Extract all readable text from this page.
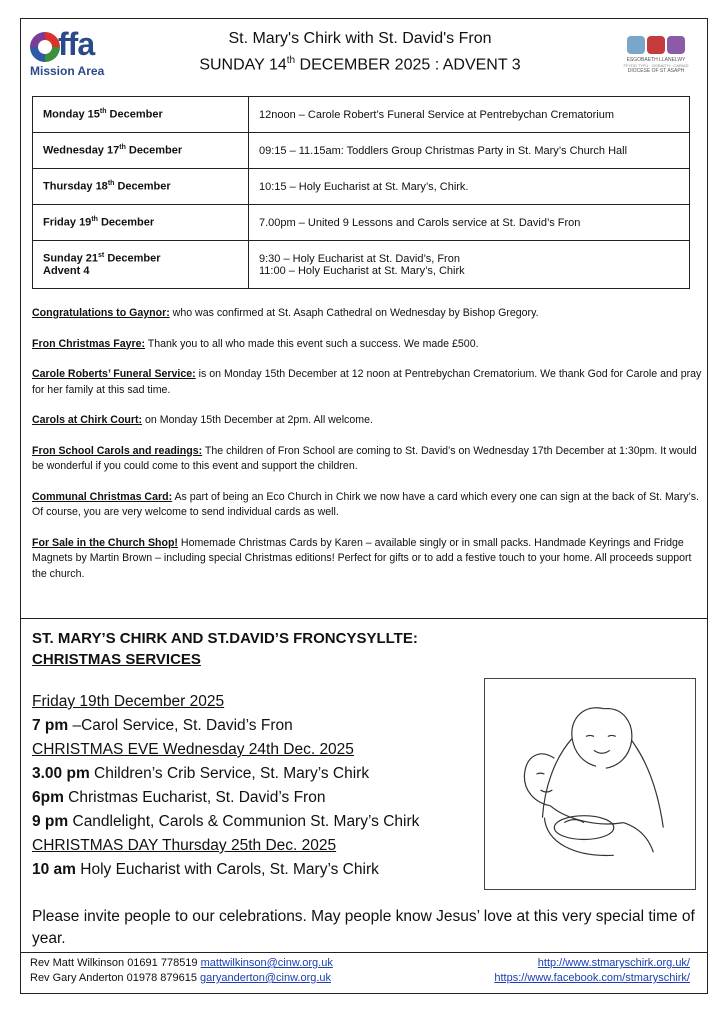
ffa
Mission Area
St. Mary's Chirk with St. David's Fron
SUNDAY 14th DECEMBER 2025 : ADVENT 3	ESGOBAETH LLANELWY
FFYDD TYFU · GOBAITH · CARIAD
DIOCESE OF ST ASAPH
Monday 15th December	12noon – Carole Robert’s Funeral Service at Pentrebychan Crematorium
Wednesday 17th December	09:15 – 11.15am: Toddlers Group Christmas Party in St. Mary’s Church Hall
Thursday 18th December	10:15 – Holy Eucharist at St. Mary’s, Chirk.
Friday 19th December	7.00pm – United 9 Lessons and Carols service at St. David’s Fron
Sunday 21st December
Advent 4	9:30 – Holy Eucharist at St. David’s, Fron
11:00 – Holy Eucharist at St. Mary’s, Chirk
Congratulations to Gaynor: who was confirmed at St. Asaph Cathedral on Wednesday by Bishop Gregory.
Fron Christmas Fayre: Thank you to all who made this event such a success. We made £500.
Carole Roberts’ Funeral Service: is on Monday 15th December at 12 noon at Pentrebychan Crematorium. We thank God for Carole and pray for her family at this sad time.
Carols at Chirk Court: on Monday 15th December at 2pm. All welcome.
Fron School Carols and readings: The children of Fron School are coming to St. David’s on Wednesday 17th December at 1:30pm. It would be wonderful if you could come to this event and support the children.
Communal Christmas Card: As part of being an Eco Church in Chirk we now have a card which every one can sign at the back of St. Mary’s. Of course, you are very welcome to send individual cards as well.
For Sale in the Church Shop! Homemade Christmas Cards by Karen – available singly or in small packs. Handmade Keyrings and Fridge Magnets by Martin Brown – including special Christmas editions! Perfect for gifts or to add a festive touch to your home. All proceeds support the church.
ST. MARY’S CHIRK AND ST.DAVID’S FRONCYSYLLTE:
CHRISTMAS SERVICES
Friday 19th December 2025
7 pm –Carol Service, St. David’s Fron
CHRISTMAS EVE Wednesday 24th Dec. 2025
3.00 pm Children’s Crib Service, St. Mary’s Chirk
6pm Christmas Eucharist, St. David’s Fron
9 pm Candlelight, Carols & Communion St. Mary’s Chirk
CHRISTMAS DAY Thursday 25th Dec. 2025
10 am Holy Eucharist with Carols, St. Mary’s Chirk
Please invite people to our celebrations. May people know Jesus’ love at this very special time of year.
Rev Matt Wilkinson 01691 778519 mattwilkinson@cinw.org.uk	http://www.stmaryschirk.org.uk/
Rev Gary Anderton 01978 879615 garyanderton@cinw.org.uk	https://www.facebook.com/stmaryschirk/
